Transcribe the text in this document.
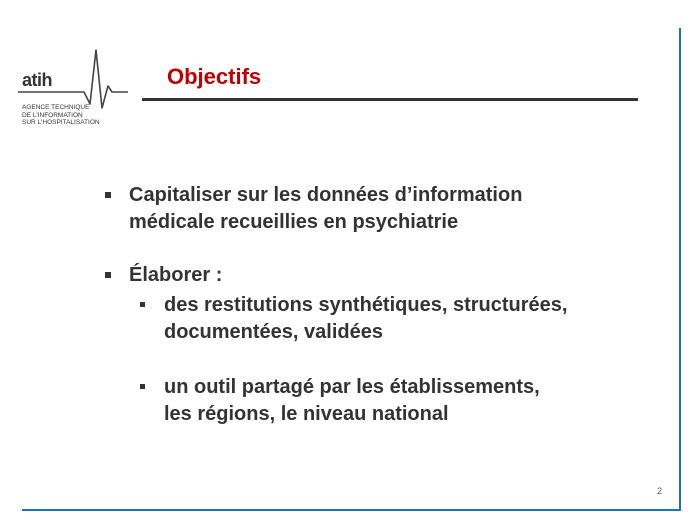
atih
AGENCE TECHNIQUE
DE L'INFORMATION
SUR L'HOSPITALISATION
Objectifs
Capitaliser sur les données d’information
médicale recueillies en psychiatrie
Élaborer :
des restitutions synthétiques, structurées,
documentées, validées
un outil partagé par les établissements,
les régions, le niveau national
2
